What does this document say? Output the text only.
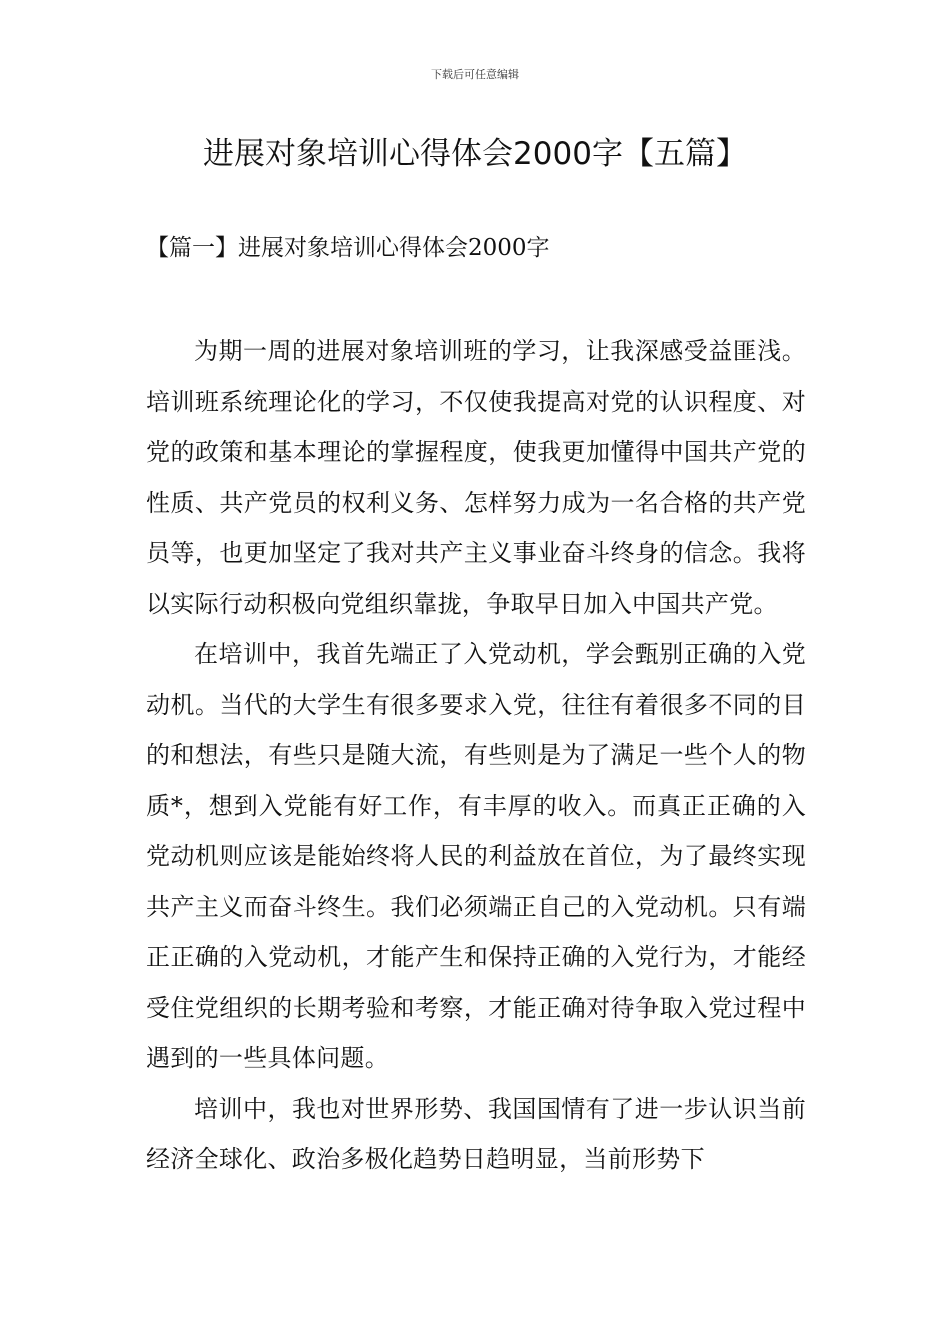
下载后可任意编辑
进展对象培训心得体会2000字【五篇】
【篇一】进展对象培训心得体会2000字

为期一周的进展对象培训班的学习，让我深感受益匪浅。培训班系统理论化的学习，不仅使我提高对党的认识程度、对党的政策和基本理论的掌握程度，使我更加懂得中国共产党的性质、共产党员的权利义务、怎样努力成为一名合格的共产党员等，也更加坚定了我对共产主义事业奋斗终身的信念。我将以实际行动积极向党组织靠拢，争取早日加入中国共产党。

在培训中，我首先端正了入党动机，学会甄别正确的入党动机。当代的大学生有很多要求入党，往往有着很多不同的目的和想法，有些只是随大流，有些则是为了满足一些个人的物质*，想到入党能有好工作，有丰厚的收入。而真正正确的入党动机则应该是能始终将人民的利益放在首位，为了最终实现共产主义而奋斗终生。我们必须端正自己的入党动机。只有端正正确的入党动机，才能产生和保持正确的入党行为，才能经受住党组织的长期考验和考察，才能正确对待争取入党过程中遇到的一些具体问题。

培训中，我也对世界形势、我国国情有了进一步认识当前经济全球化、政治多极化趋势日趋明显，当前形势下
